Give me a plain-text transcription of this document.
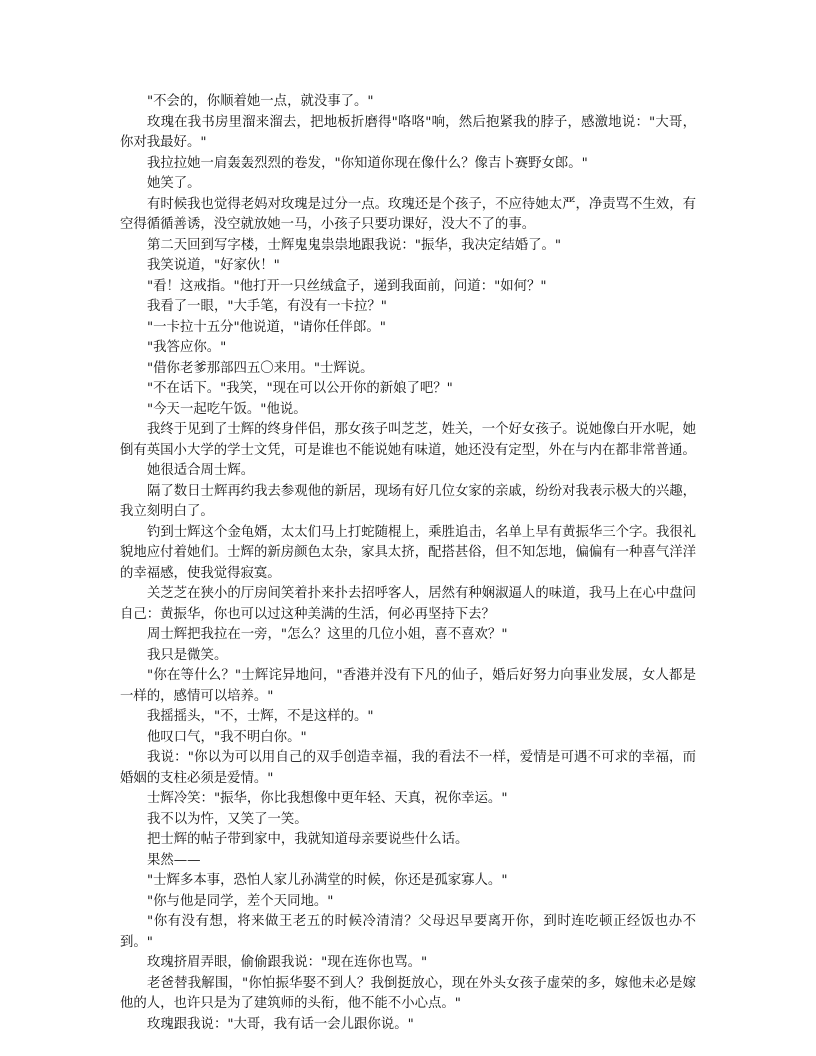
"不会的，你顺着她一点，就没事了。"

玫瑰在我书房里溜来溜去，把地板折磨得"咯咯"响，然后抱紧我的脖子，感激地说："大哥，你对我最好。"

我拉拉她一肩轰轰烈烈的卷发，"你知道你现在像什么？像吉卜赛野女郎。"

她笑了。

有时候我也觉得老妈对玫瑰是过分一点。玫瑰还是个孩子，不应待她太严，净责骂不生效，有空得循循善诱，没空就放她一马，小孩子只要功课好，没大不了的事。

第二天回到写字楼，士辉鬼鬼祟祟地跟我说："振华，我决定结婚了。"

我笑说道，"好家伙！"

"看！这戒指。"他打开一只丝绒盒子，递到我面前，问道："如何？"

我看了一眼，"大手笔，有没有一卡拉？"

"一卡拉十五分"他说道，"请你任伴郎。"

"我答应你。"

"借你老爹那部四五〇来用。"士辉说。

"不在话下。"我笑，"现在可以公开你的新娘了吧？"

"今天一起吃午饭。"他说。

我终于见到了士辉的终身伴侣，那女孩子叫芝芝，姓关，一个好女孩子。说她像白开水呢，她倒有英国小大学的学士文凭，可是谁也不能说她有味道，她还没有定型，外在与内在都非常普通。

她很适合周士辉。

隔了数日士辉再约我去参观他的新居，现场有好几位女家的亲戚，纷纷对我表示极大的兴趣，我立刻明白了。

钓到士辉这个金龟婿，太太们马上打蛇随棍上，乘胜追击，名单上早有黄振华三个字。我很礼貌地应付着她们。士辉的新房颜色太杂，家具太挤，配搭甚俗，但不知怎地，偏偏有一种喜气洋洋的幸福感，使我觉得寂寞。

关芝芝在狭小的厅房间笑着扑来扑去招呼客人，居然有种娴淑逼人的味道，我马上在心中盘问自己：黄振华，你也可以过这种美满的生活，何必再坚持下去？

周士辉把我拉在一旁，"怎么？这里的几位小姐，喜不喜欢？"

我只是微笑。

"你在等什么？"士辉诧异地问，"香港并没有下凡的仙子，婚后好努力向事业发展，女人都是一样的，感情可以培养。"

我摇摇头，"不，士辉，不是这样的。"

他叹口气，"我不明白你。"

我说："你以为可以用自己的双手创造幸福，我的看法不一样，爱情是可遇不可求的幸福，而婚姻的支柱必须是爱情。"

士辉冷笑："振华，你比我想像中更年轻、天真，祝你幸运。"

我不以为忤，又笑了一笑。

把士辉的帖子带到家中，我就知道母亲要说些什么话。

果然——

"士辉多本事，恐怕人家儿孙满堂的时候，你还是孤家寡人。"

"你与他是同学，差个天同地。"

"你有没有想，将来做王老五的时候冷清清？父母迟早要离开你，到时连吃顿正经饭也办不到。"

玫瑰挤眉弄眼，偷偷跟我说："现在连你也骂。"

老爸替我解围，"你怕振华娶不到人？我倒挺放心，现在外头女孩子虚荣的多，嫁他未必是嫁他的人，也许只是为了建筑师的头衔，他不能不小心点。"

玫瑰跟我说："大哥，我有话一会儿跟你说。"
